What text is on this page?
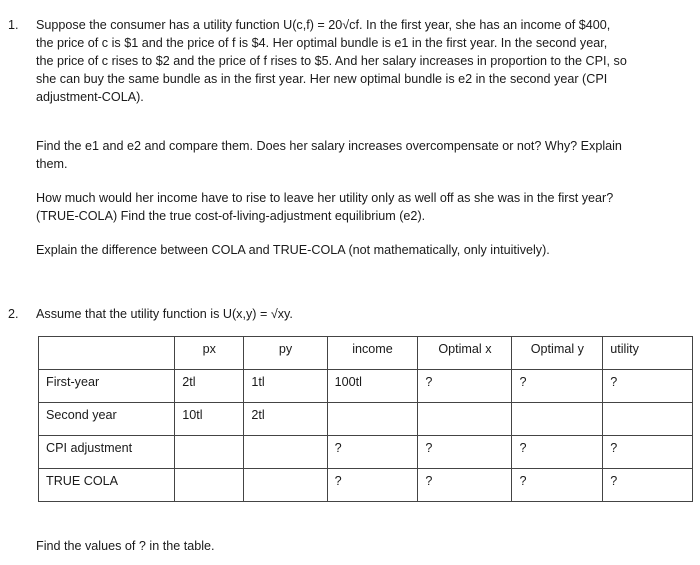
1. Suppose the consumer has a utility function U(c,f) = 20√cf. In the first year, she has an income of $400,
the price of c is $1 and the price of f is $4. Her optimal bundle is e1 in the first year. In the second year,
the price of c rises to $2 and the price of f rises to $5. And her salary increases in proportion to the CPI, so
she can buy the same bundle as in the first year. Her new optimal bundle is e2 in the second year (CPI
adjustment-COLA).
Find the e1 and e2 and compare them. Does her salary increases overcompensate or not? Why? Explain
them.
How much would her income have to rise to leave her utility only as well off as she was in the first year?
(TRUE-COLA) Find the true cost-of-living-adjustment equilibrium (e2).
Explain the difference between COLA and TRUE-COLA (not mathematically, only intuitively).
2. Assume that the utility function is U(x,y) = √xy.
	px	py	income	Optimal x	Optimal y	utility
First-year	2tl	1tl	100tl	?	?	?
Second year	10tl	2tl				
CPI adjustment			?	?	?	?
TRUE COLA			?	?	?	?
Find the values of ? in the table.
